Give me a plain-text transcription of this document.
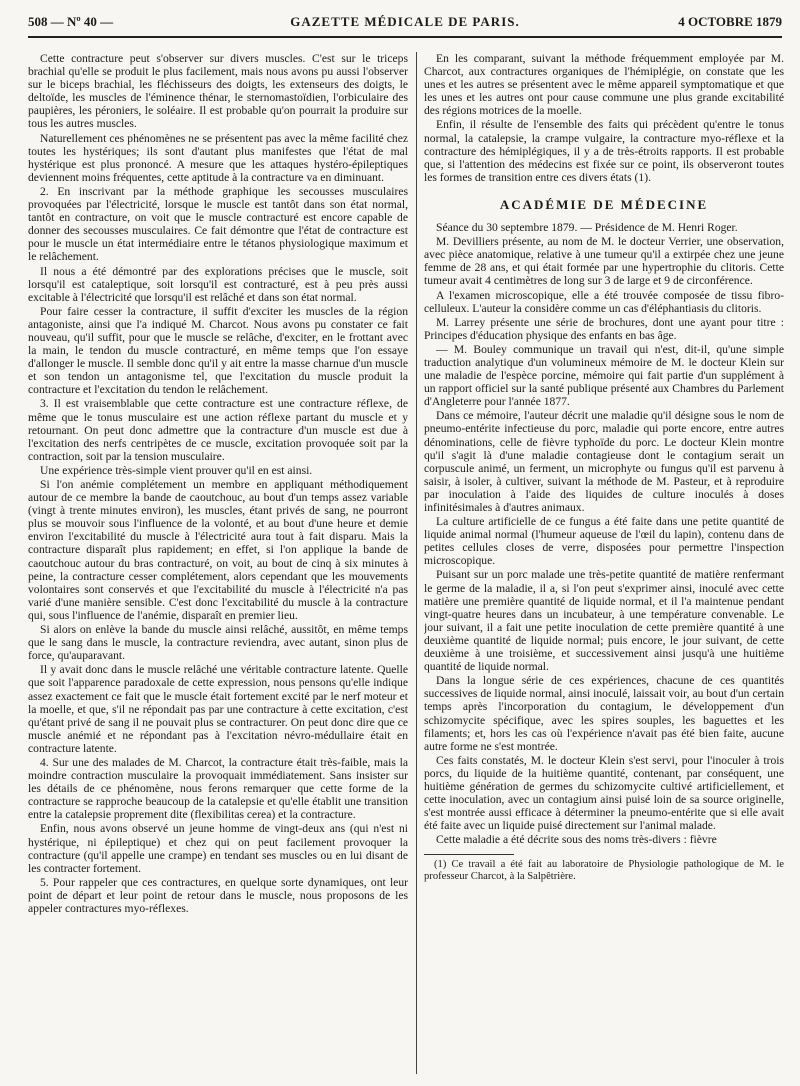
508 — Nº 40 —	GAZETTE MÉDICALE DE PARIS.	4 OCTOBRE 1879

Cette contracture peut s'observer sur divers muscles. C'est sur le triceps brachial qu'elle se produit le plus facilement, mais nous avons pu aussi l'observer sur le biceps brachial, les fléchisseurs des doigts, les extenseurs des doigts, le deltoïde, les muscles de l'éminence thénar, le sternomastoïdien, l'orbiculaire des paupières, les péroniers, le soléaire. Il est probable qu'on pourrait la produire sur tous les autres muscles.

Naturellement ces phénomènes ne se présentent pas avec la même facilité chez toutes les hystériques; ils sont d'autant plus manifestes que l'état de mal hystérique est plus prononcé. A mesure que les attaques hystéro-épileptiques deviennent moins fréquentes, cette aptitude à la contracture va en diminuant.

2. En inscrivant par la méthode graphique les secousses musculaires provoquées par l'électricité, lorsque le muscle est tantôt dans son état normal, tantôt en contracture, on voit que le muscle contracturé est encore capable de donner des secousses musculaires. Ce fait démontre que l'état de contracture est pour le muscle un état intermédiaire entre le tétanos physiologique maximum et le relâchement.

Il nous a été démontré par des explorations précises que le muscle, soit lorsqu'il est cataleptique, soit lorsqu'il est contracturé, est à peu près aussi excitable à l'électricité que lorsqu'il est relâché et dans son état normal.

Pour faire cesser la contracture, il suffit d'exciter les muscles de la région antagoniste, ainsi que l'a indiqué M. Charcot. Nous avons pu constater ce fait nouveau, qu'il suffit, pour que le muscle se relâche, d'exciter, en le frottant avec la main, le tendon du muscle contracturé, en même temps que l'on essaye d'allonger le muscle. Il semble donc qu'il y ait entre la masse charnue d'un muscle et son tendon un antagonisme tel, que l'excitation du muscle produit la contracture et l'excitation du tendon le relâchement.

3. Il est vraisemblable que cette contracture est une contracture réflexe, de même que le tonus musculaire est une action réflexe partant du muscle et y retournant. On peut donc admettre que la contracture d'un muscle est due à l'excitation des nerfs centripètes de ce muscle, excitation provoquée soit par la contraction, soit par la tension musculaire.

Une expérience très-simple vient prouver qu'il en est ainsi.

Si l'on anémie complétement un membre en appliquant méthodiquement autour de ce membre la bande de caoutchouc, au bout d'un temps assez variable (vingt à trente minutes environ), les muscles, étant privés de sang, ne pourront plus se mouvoir sous l'influence de la volonté, et au bout d'une heure et demie environ l'excitabilité du muscle à l'électricité aura tout à fait disparu. Mais la contracture disparaît plus rapidement; en effet, si l'on applique la bande de caoutchouc autour du bras contracturé, on voit, au bout de cinq à six minutes à peine, la contracture cesser complétement, alors cependant que les mouvements volontaires sont conservés et que l'excitabilité du muscle à l'électricité n'a pas varié d'une manière sensible. C'est donc l'excitabilité du muscle à la contracture qui, sous l'influence de l'anémie, disparaît en premier lieu.

Si alors on enlève la bande du muscle ainsi relâché, aussitôt, en même temps que le sang dans le muscle, la contracture reviendra, avec autant, sinon plus de force, qu'auparavant.

Il y avait donc dans le muscle relâché une véritable contracture latente. Quelle que soit l'apparence paradoxale de cette expression, nous pensons qu'elle indique assez exactement ce fait que le muscle était fortement excité par le nerf moteur et la moelle, et que, s'il ne répondait pas par une contracture à cette excitation, c'est qu'étant privé de sang il ne pouvait plus se contracturer. On peut donc dire que ce muscle anémié et ne répondant pas à l'excitation névro-médullaire était en contracture latente.

4. Sur une des malades de M. Charcot, la contracture était très-faible, mais la moindre contraction musculaire la provoquait immédiatement. Sans insister sur les détails de ce phénomène, nous ferons remarquer que cette forme de la contracture se rapproche beaucoup de la catalepsie et qu'elle établit une transition entre la catalepsie proprement dite (flexibilitas cerea) et la contracture.

Enfin, nous avons observé un jeune homme de vingt-deux ans (qui n'est ni hystérique, ni épileptique) et chez qui on peut facilement provoquer la contracture (qu'il appelle une crampe) en tendant ses muscles ou en lui disant de les contracter fortement.

5. Pour rappeler que ces contractures, en quelque sorte dynamiques, ont leur point de départ et leur point de retour dans le muscle, nous proposons de les appeler contractures myo-réflexes.

En les comparant, suivant la méthode fréquemment employée par M. Charcot, aux contractures organiques de l'hémiplégie, on constate que les unes et les autres se présentent avec le même appareil symptomatique et que les unes et les autres ont pour cause commune une plus grande excitabilité des régions motrices de la moelle.

Enfin, il résulte de l'ensemble des faits qui précèdent qu'entre le tonus normal, la catalepsie, la crampe vulgaire, la contracture myo-réflexe et la contracture des hémiplégiques, il y a de très-étroits rapports. Il est probable que, si l'attention des médecins est fixée sur ce point, ils observeront toutes les formes de transition entre ces divers états (1).

ACADÉMIE DE MÉDECINE

Séance du 30 septembre 1879. — Présidence de M. Henri Roger.

M. Devilliers présente, au nom de M. le docteur Verrier, une observation, avec pièce anatomique, relative à une tumeur qu'il a extirpée chez une jeune femme de 28 ans, et qui était formée par une hypertrophie du clitoris. Cette tumeur avait 4 centimètres de long sur 3 de large et 9 de circonférence.

A l'examen microscopique, elle a été trouvée composée de tissu fibro-celluleux. L'auteur la considère comme un cas d'éléphantiasis du clitoris.

M. Larrey présente une série de brochures, dont une ayant pour titre : Principes d'éducation physique des enfants en bas âge.

— M. Bouley communique un travail qui n'est, dit-il, qu'une simple traduction analytique d'un volumineux mémoire de M. le docteur Klein sur une maladie de l'espèce porcine, mémoire qui fait partie d'un supplément à un rapport officiel sur la santé publique présenté aux Chambres du Parlement d'Angleterre pour l'année 1877.

Dans ce mémoire, l'auteur décrit une maladie qu'il désigne sous le nom de pneumo-entérite infectieuse du porc, maladie qui porte encore, entre autres dénominations, celle de fièvre typhoïde du porc. Le docteur Klein montre qu'il s'agit là d'une maladie contagieuse dont le contagium serait un corpuscule animé, un ferment, un microphyte ou fungus qu'il est parvenu à saisir, à isoler, à cultiver, suivant la méthode de M. Pasteur, et à reproduire par inoculation à l'aide des liquides de culture inoculés à doses infinitésimales à d'autres animaux.

La culture artificielle de ce fungus a été faite dans une petite quantité de liquide animal normal (l'humeur aqueuse de l'œil du lapin), contenu dans de petites cellules closes de verre, disposées pour permettre l'inspection microscopique.

Puisant sur un porc malade une très-petite quantité de matière renfermant le germe de la maladie, il a, si l'on peut s'exprimer ainsi, inoculé avec cette matière une première quantité de liquide normal, et il l'a maintenue pendant vingt-quatre heures dans un incubateur, à une température convenable. Le jour suivant, il a fait une petite inoculation de cette première quantité à une deuxième quantité de liquide normal; puis encore, le jour suivant, de cette deuxième à une troisième, et successivement ainsi jusqu'à une huitième quantité de liquide normal.

Dans la longue série de ces expériences, chacune de ces quantités successives de liquide normal, ainsi inoculé, laissait voir, au bout d'un certain temps après l'incorporation du contagium, le développement d'un schizomycite spécifique, avec les spires souples, les baguettes et les filaments; et, hors les cas où l'expérience n'avait pas été bien faite, aucune autre forme ne s'est montrée.

Ces faits constatés, M. le docteur Klein s'est servi, pour l'inoculer à trois porcs, du liquide de la huitième quantité, contenant, par conséquent, une huitième génération de germes du schizomycite cultivé artificiellement, et cette inoculation, avec un contagium ainsi puisé loin de sa source originelle, s'est montrée aussi efficace à déterminer la pneumo-entérite que si elle avait été faite avec un liquide puisé directement sur l'animal malade.

Cette maladie a été décrite sous des noms très-divers : fièvre

(1) Ce travail a été fait au laboratoire de Physiologie pathologique de M. le professeur Charcot, à la Salpêtrière.
